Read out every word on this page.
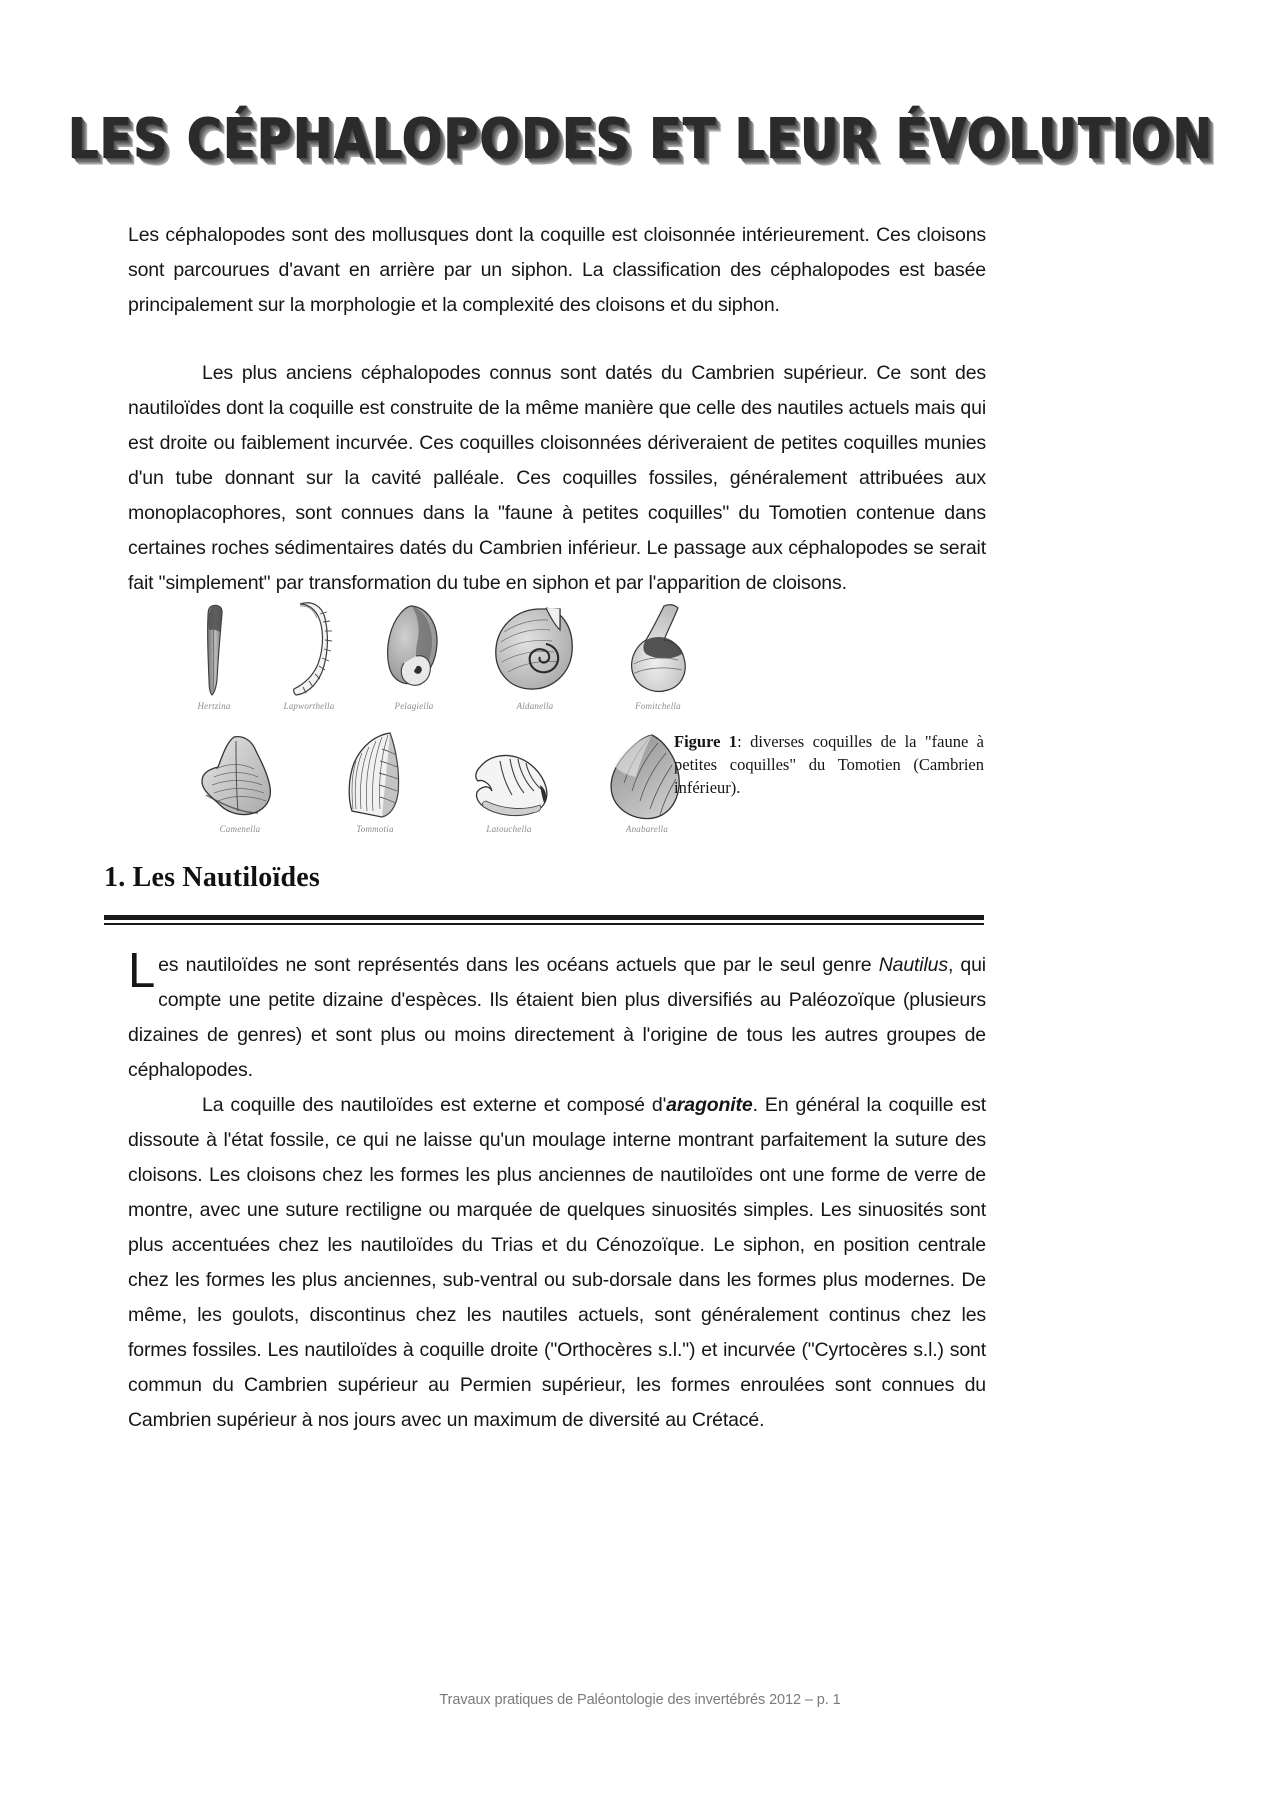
LES CÉPHALOPODES ET LEUR ÉVOLUTION

Les céphalopodes sont des mollusques dont la coquille est cloisonnée intérieurement. Ces cloisons sont parcourues d'avant en arrière par un siphon. La classification des céphalopodes est basée principalement sur la morphologie et la complexité des cloisons et du siphon.

Les plus anciens céphalopodes connus sont datés du Cambrien supérieur. Ce sont des nautiloïdes dont la coquille est construite de la même manière que celle des nautiles actuels mais qui est droite ou faiblement incurvée. Ces coquilles cloisonnées dériveraient de petites coquilles munies d'un tube donnant sur la cavité palléale. Ces coquilles fossiles, généralement attribuées aux monoplacophores, sont connues dans la "faune à petites coquilles" du Tomotien contenue dans certaines roches sédimentaires datés du Cambrien inférieur. Le passage aux céphalopodes se serait fait "simplement" par transformation du tube en siphon et par l'apparition de cloisons.

Hertzina	Lapworthella	Pelagiella	Aldanella	Fomitchella
Camenella	Tommotia	Latouchella	Anabarella
Figure 1: diverses coquilles de la "faune à petites coquilles" du Tomotien (Cambrien inférieur).
1. Les Nautiloïdes

Les nautiloïdes ne sont représentés dans les océans actuels que par le seul genre Nautilus, qui compte une petite dizaine d'espèces. Ils étaient bien plus diversifiés au Paléozoïque (plusieurs dizaines de genres) et sont plus ou moins directement à l'origine de tous les autres groupes de céphalopodes.

La coquille des nautiloïdes est externe et composé d'aragonite. En général la coquille est dissoute à l'état fossile, ce qui ne laisse qu'un moulage interne montrant parfaitement la suture des cloisons. Les cloisons chez les formes les plus anciennes de nautiloïdes ont une forme de verre de montre, avec une suture rectiligne ou marquée de quelques sinuosités simples. Les sinuosités sont plus accentuées chez les nautiloïdes du Trias et du Cénozoïque. Le siphon, en position centrale chez les formes les plus anciennes, sub-ventral ou sub-dorsale dans les formes plus modernes. De même, les goulots, discontinus chez les nautiles actuels, sont généralement continus chez les formes fossiles. Les nautiloïdes à coquille droite ("Orthocères s.l.") et incurvée ("Cyrtocères s.l.) sont commun du Cambrien supérieur au Permien supérieur, les formes enroulées sont connues du Cambrien supérieur à nos jours avec un maximum de diversité au Crétacé.

Travaux pratiques de Paléontologie des invertébrés 2012 – p. 1
